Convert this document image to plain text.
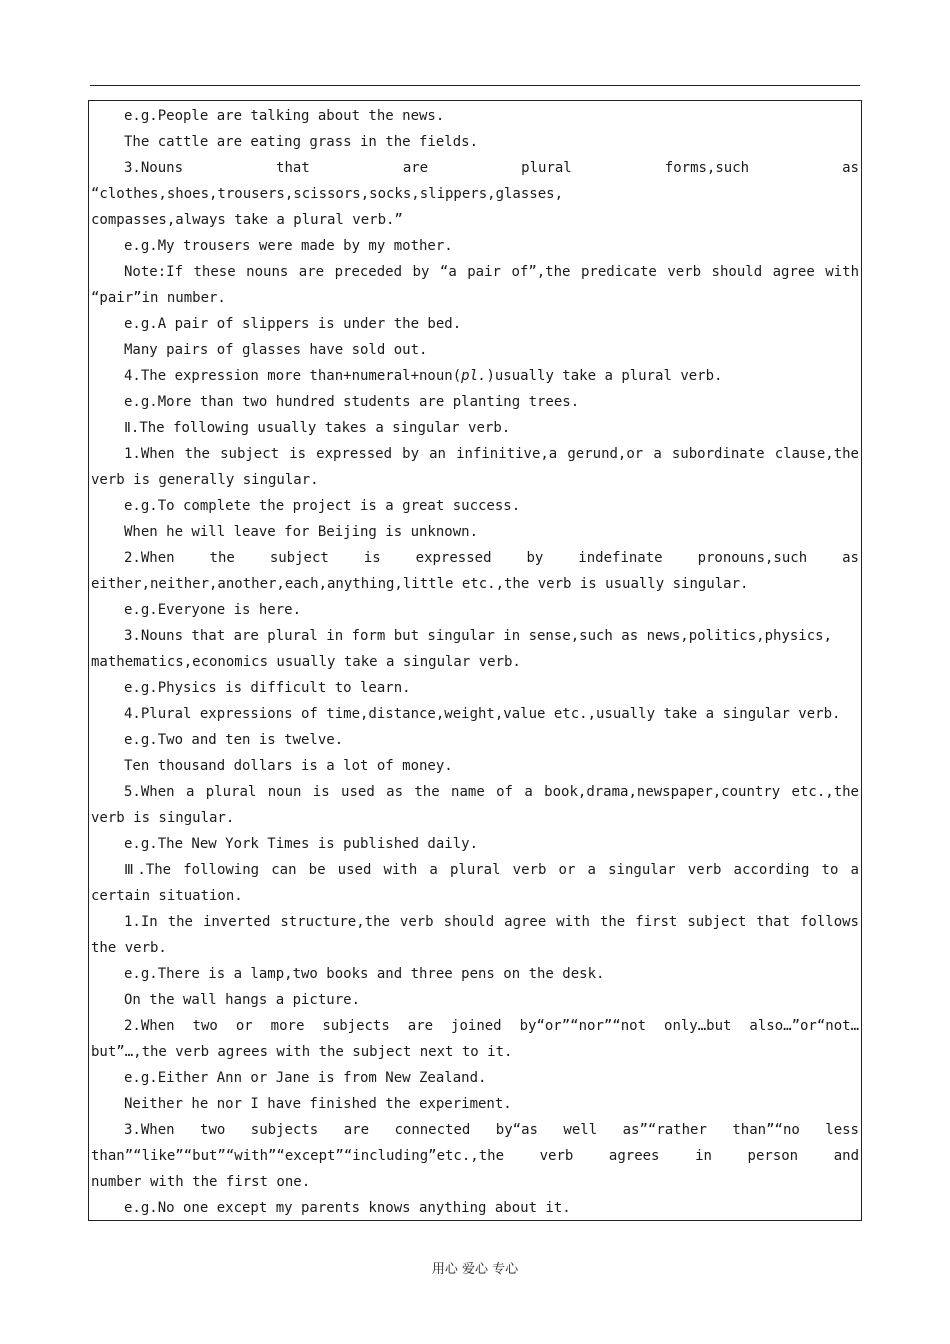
e.g.People are talking about the news.
The cattle are eating grass in the fields.
3.Nouns that are plural forms,such as
“clothes,shoes,trousers,scissors,socks,slippers,glasses,
compasses,always take a plural verb.”
e.g.My trousers were made by my mother.
Note:If these nouns are preceded by “a pair of”,the predicate verb should agree with
“pair”in number.
e.g.A pair of slippers is under the bed.
Many pairs of glasses have sold out.
4.The expression more than+numeral+noun(pl.)usually take a plural verb.
e.g.More than two hundred students are planting trees.
Ⅱ.The following usually takes a singular verb.
1.When the subject is expressed by an infinitive,a gerund,or a subordinate clause,the
verb is generally singular.
e.g.To complete the project is a great success.
When he will leave for Beijing is unknown.
2.When the subject is expressed by indefinate pronouns,such as
either,neither,another,each,anything,little etc.,the verb is usually singular.
e.g.Everyone is here.
3.Nouns that are plural in form but singular in sense,such as news,politics,physics,
mathematics,economics usually take a singular verb.
e.g.Physics is difficult to learn.
4.Plural expressions of time,distance,weight,value etc.,usually take a singular verb.
e.g.Two and ten is twelve.
Ten thousand dollars is a lot of money.
5.When a plural noun is used as the name of a book,drama,newspaper,country etc.,the
verb is singular.
e.g.The New York Times is published daily.
Ⅲ.The following can be used with a plural verb or a singular verb according to a
certain situation.
1.In the inverted structure,the verb should agree with the first subject that follows
the verb.
e.g.There is a lamp,two books and three pens on the desk.
On the wall hangs a picture.
2.When two or more subjects are joined by“or”“nor”“not only…but also…”or“not…
but”…,the verb agrees with the subject next to it.
e.g.Either Ann or Jane is from New Zealand.
Neither he nor I have finished the experiment.
3.When two subjects are connected by“as well as”“rather than”“no less
than”“like”“but”“with”“except”“including”etc.,the verb agrees in person and
number with the first one.
e.g.No one except my parents knows anything about it.
用心 爱心 专心
